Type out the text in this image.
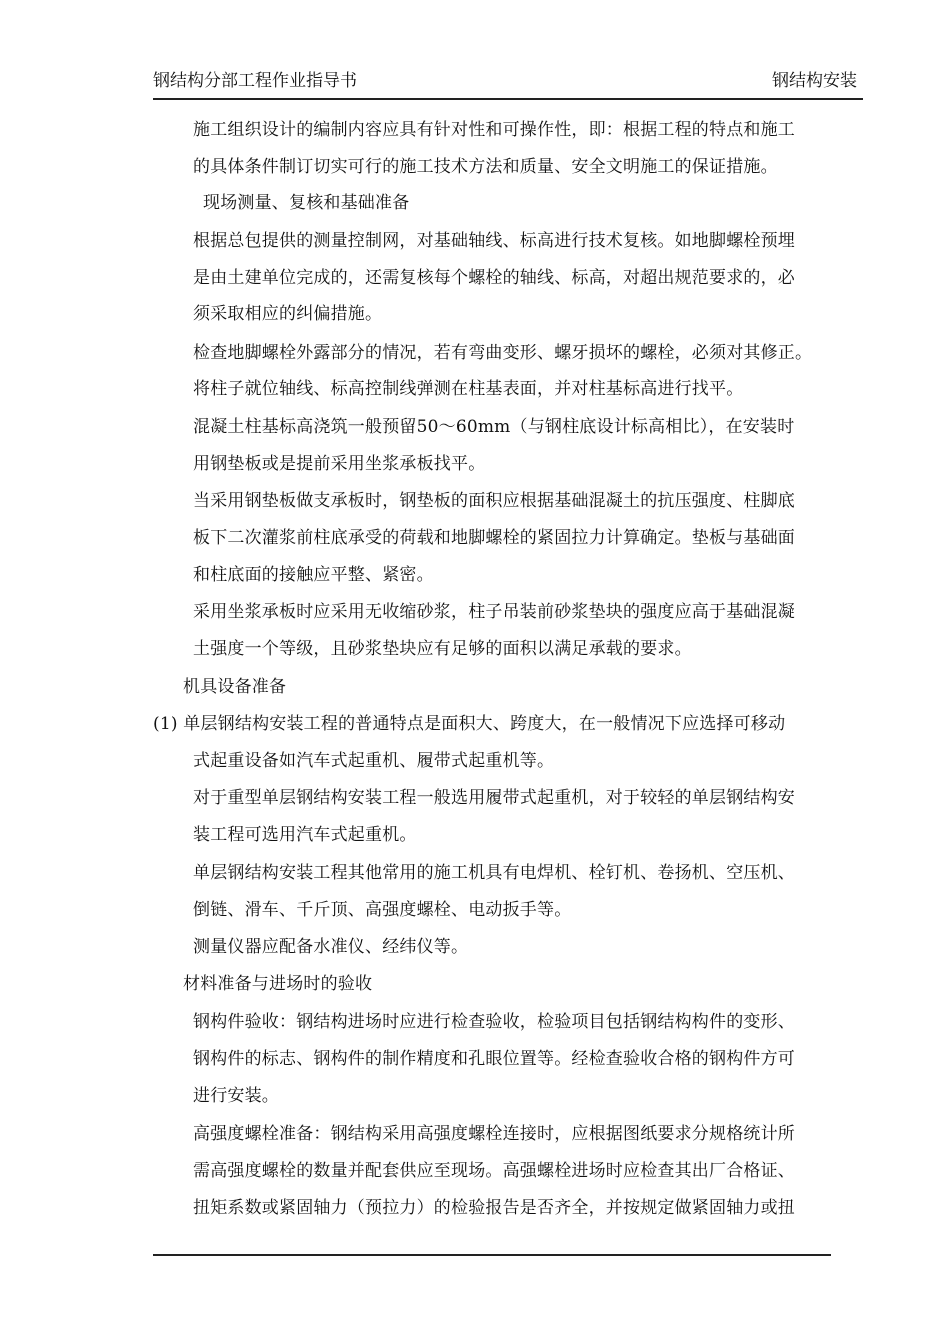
钢结构分部工程作业指导书	钢结构安装
施工组织设计的编制内容应具有针对性和可操作性，即：根据工程的特点和施工
的具体条件制订切实可行的施工技术方法和质量、安全文明施工的保证措施。
现场测量、复核和基础准备
根据总包提供的测量控制网，对基础轴线、标高进行技术复核。如地脚螺栓预埋
是由土建单位完成的，还需复核每个螺栓的轴线、标高，对超出规范要求的，必
须采取相应的纠偏措施。
检查地脚螺栓外露部分的情况，若有弯曲变形、螺牙损坏的螺栓，必须对其修正。
将柱子就位轴线、标高控制线弹测在柱基表面，并对柱基标高进行找平。
混凝土柱基标高浇筑一般预留50～60mm（与钢柱底设计标高相比），在安装时
用钢垫板或是提前采用坐浆承板找平。
当采用钢垫板做支承板时，钢垫板的面积应根据基础混凝土的抗压强度、柱脚底
板下二次灌浆前柱底承受的荷载和地脚螺栓的紧固拉力计算确定。垫板与基础面
和柱底面的接触应平整、紧密。
采用坐浆承板时应采用无收缩砂浆，柱子吊装前砂浆垫块的强度应高于基础混凝
土强度一个等级，且砂浆垫块应有足够的面积以满足承载的要求。
机具设备准备
(1) 单层钢结构安装工程的普通特点是面积大、跨度大，在一般情况下应选择可移动
式起重设备如汽车式起重机、履带式起重机等。
对于重型单层钢结构安装工程一般选用履带式起重机，对于较轻的单层钢结构安
装工程可选用汽车式起重机。
单层钢结构安装工程其他常用的施工机具有电焊机、栓钉机、卷扬机、空压机、
倒链、滑车、千斤顶、高强度螺栓、电动扳手等。
测量仪器应配备水准仪、经纬仪等。
材料准备与进场时的验收
钢构件验收：钢结构进场时应进行检查验收，检验项目包括钢结构构件的变形、
钢构件的标志、钢构件的制作精度和孔眼位置等。经检查验收合格的钢构件方可
进行安装。
高强度螺栓准备：钢结构采用高强度螺栓连接时，应根据图纸要求分规格统计所
需高强度螺栓的数量并配套供应至现场。高强螺栓进场时应检查其出厂合格证、
扭矩系数或紧固轴力（预拉力）的检验报告是否齐全，并按规定做紧固轴力或扭
